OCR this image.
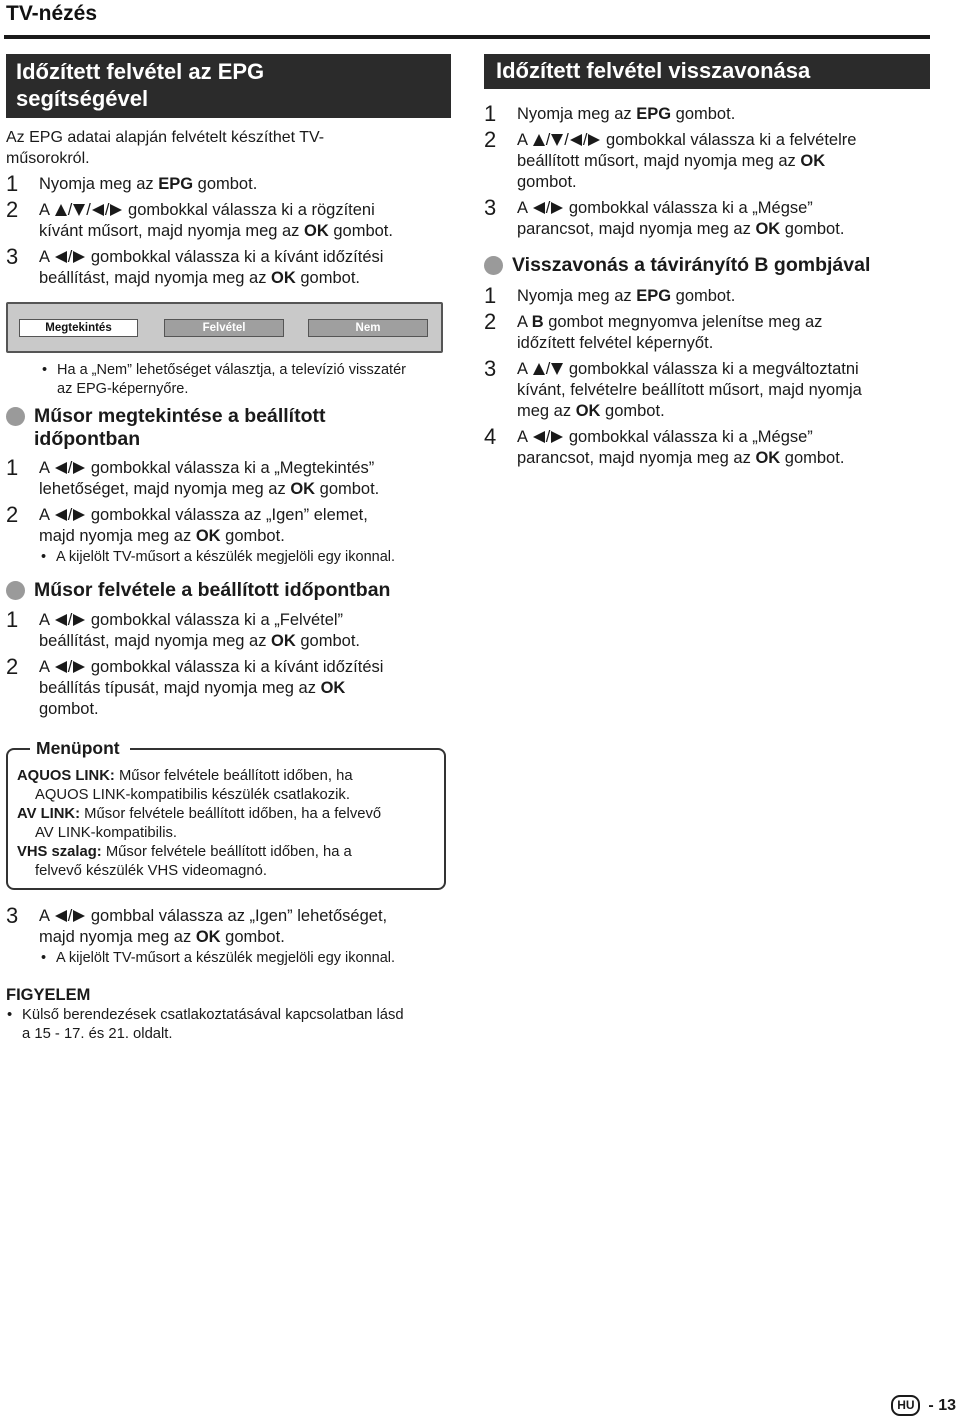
TV-nézés
Időzített felvétel az EPG
segítségével
Az EPG adatai alapján felvételt készíthet TV-
műsorokról.
1 Nyomja meg az EPG gombot.
2 A / / / gombokkal válassza ki a rögzíteni
kívánt műsort, majd nyomja meg az OK gombot.
3 A / gombokkal válassza ki a kívánt időzítési
beállítást, majd nyomja meg az OK gombot.
Megtekintés	Felvétel	Nem
• Ha a „Nem” lehetőséget választja, a televízió visszatér
az EPG-képernyőre.
Műsor megtekintése a beállított
időpontban
1 A / gombokkal válassza ki a „Megtekintés”
lehetőséget, majd nyomja meg az OK gombot.
2 A / gombokkal válassza az „Igen” elemet,
majd nyomja meg az OK gombot.
• A kijelölt TV-műsort a készülék megjelöli egy ikonnal.
Műsor felvétele a beállított időpontban
1 A / gombokkal válassza ki a „Felvétel”
beállítást, majd nyomja meg az OK gombot.
2 A / gombokkal válassza ki a kívánt időzítési
beállítás típusát, majd nyomja meg az OK
gombot.
Menüpont
AQUOS LINK: Műsor felvétele beállított időben, ha
AQUOS LINK-kompatibilis készülék csatlakozik.
AV LINK: Műsor felvétele beállított időben, ha a felvevő
AV LINK-kompatibilis.
VHS szalag: Műsor felvétele beállított időben, ha a
felvevő készülék VHS videomagnó.
3 A / gombbal válassza az „Igen” lehetőséget,
majd nyomja meg az OK gombot.
• A kijelölt TV-műsort a készülék megjelöli egy ikonnal.
FIGYELEM
• Külső berendezések csatlakoztatásával kapcsolatban lásd
a 15 - 17. és 21. oldalt.
Időzített felvétel visszavonása
1 Nyomja meg az EPG gombot.
2 A / / / gombokkal válassza ki a felvételre
beállított műsort, majd nyomja meg az OK
gombot.
3 A / gombokkal válassza ki a „Mégse”
parancsot, majd nyomja meg az OK gombot.
Visszavonás a távirányító B gombjával
1 Nyomja meg az EPG gombot.
2 A B gombot megnyomva jelenítse meg az
időzített felvétel képernyőt.
3 A / gombokkal válassza ki a megváltoztatni
kívánt, felvételre beállított műsort, majd nyomja
meg az OK gombot.
4 A / gombokkal válassza ki a „Mégse”
parancsot, majd nyomja meg az OK gombot.
HU - 13
